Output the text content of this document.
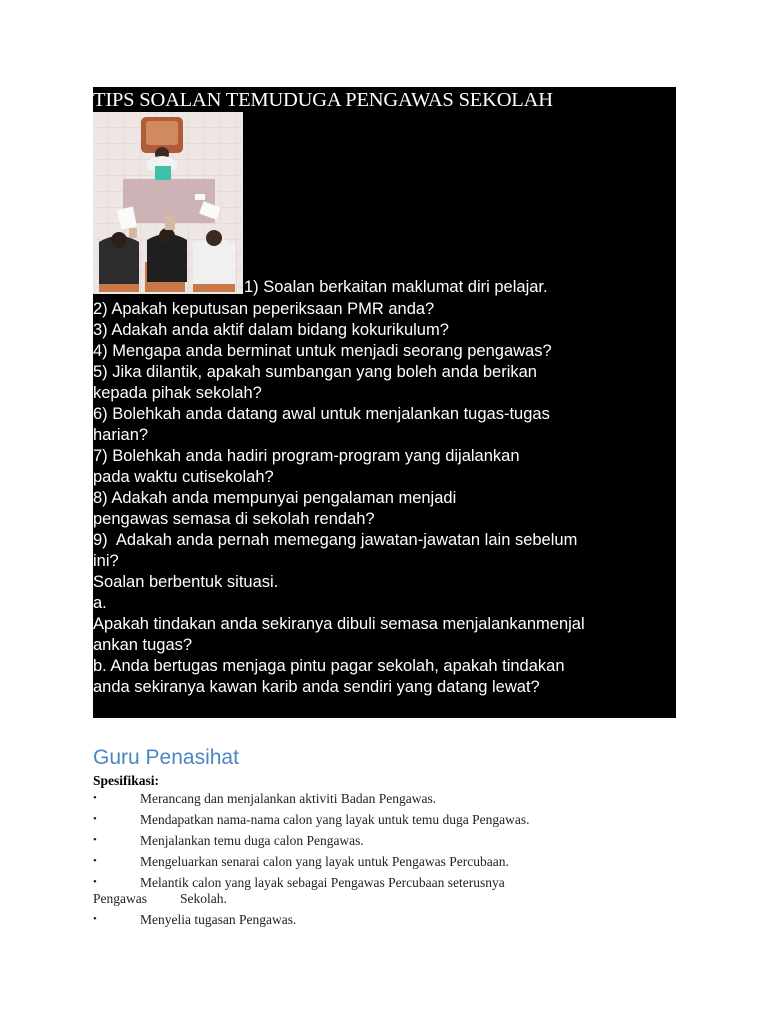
TIPS SOALAN TEMUDUGA PENGAWAS SEKOLAH
1) Soalan berkaitan maklumat diri pelajar.
2) Apakah keputusan peperiksaan PMR anda?
3) Adakah anda aktif dalam bidang kokurikulum?
4) Mengapa anda berminat untuk menjadi seorang pengawas?
5) Jika dilantik, apakah sumbangan yang boleh anda berikan
kepada pihak sekolah?
6) Bolehkah anda datang awal untuk menjalankan tugas-tugas
harian?
7) Bolehkah anda hadiri program-program yang dijalankan
pada waktu cutisekolah?
8) Adakah anda mempunyai pengalaman menjadi
pengawas semasa di sekolah rendah?
9)  Adakah anda pernah memegang jawatan-jawatan lain sebelum
ini?
Soalan berbentuk situasi.
a.
Apakah tindakan anda sekiranya dibuli semasa menjalankanmenjal
ankan tugas?
b. Anda bertugas menjaga pintu pagar sekolah, apakah tindakan
anda sekiranya kawan karib anda sendiri yang datang lewat?
Guru Penasihat
Spesifikasi:
•	Merancang dan menjalankan aktiviti Badan Pengawas.
•	Mendapatkan nama-nama calon yang layak untuk temu duga Pengawas.
•	Menjalankan temu duga calon Pengawas.
•	Mengeluarkan senarai calon yang layak untuk Pengawas Percubaan.
•	Melantik calon yang layak sebagai Pengawas Percubaan seterusnya
Pengawas Sekolah.
•	Menyelia tugasan Pengawas.
